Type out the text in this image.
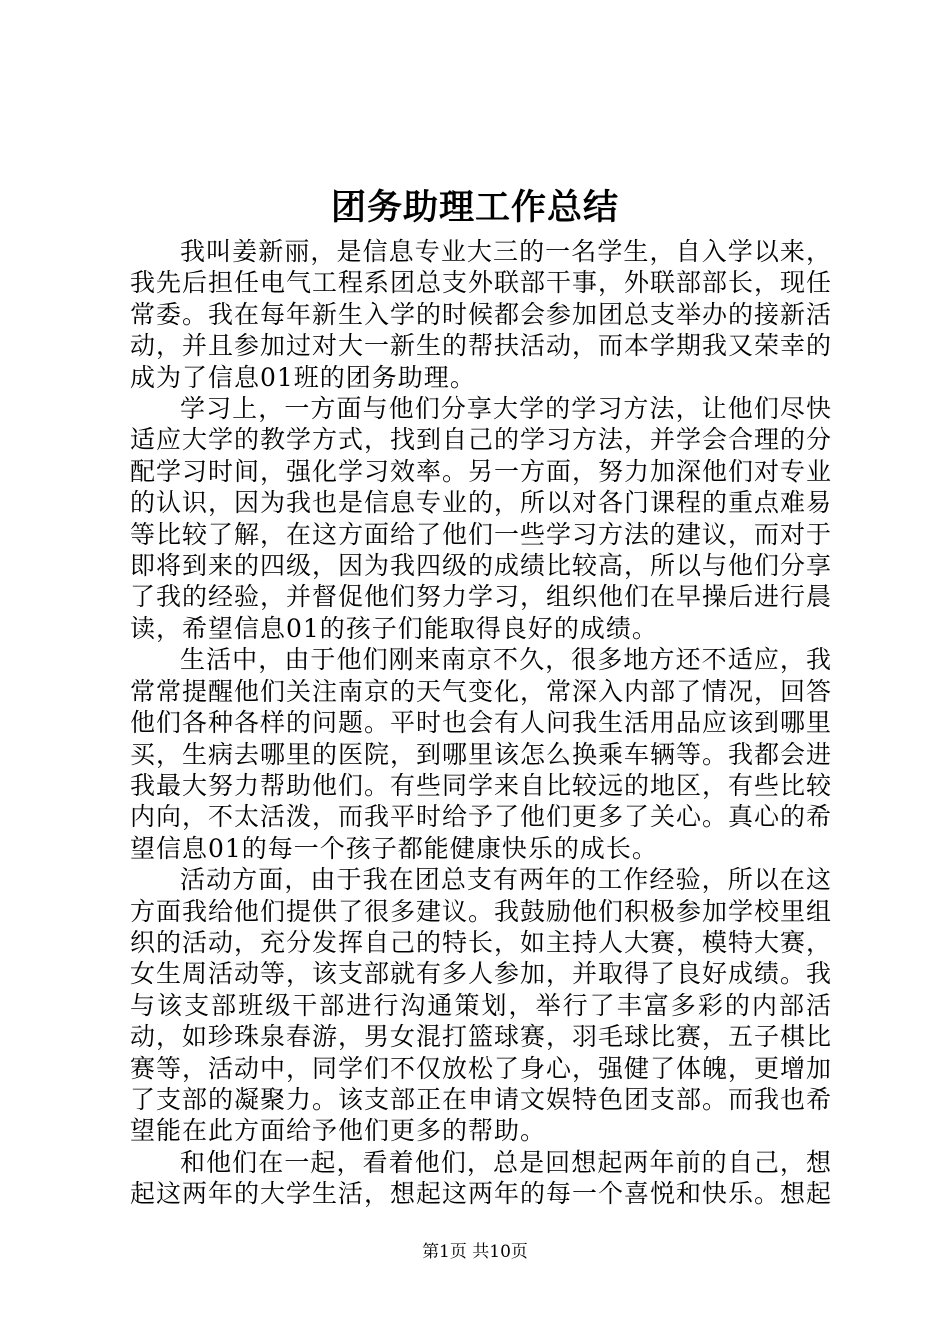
团务助理工作总结

我叫姜新丽，是信息专业大三的一名学生，自入学以来，我先后担任电气工程系团总支外联部干事，外联部部长，现任常委。我在每年新生入学的时候都会参加团总支举办的接新活动，并且参加过对大一新生的帮扶活动，而本学期我又荣幸的成为了信息01班的团务助理。

学习上，一方面与他们分享大学的学习方法，让他们尽快适应大学的教学方式，找到自己的学习方法，并学会合理的分配学习时间，强化学习效率。另一方面，努力加深他们对专业的认识，因为我也是信息专业的，所以对各门课程的重点难易等比较了解，在这方面给了他们一些学习方法的建议，而对于即将到来的四级，因为我四级的成绩比较高，所以与他们分享了我的经验，并督促他们努力学习，组织他们在早操后进行晨读，希望信息01的孩子们能取得良好的成绩。

生活中，由于他们刚来南京不久，很多地方还不适应，我常常提醒他们关注南京的天气变化，常深入内部了情况，回答他们各种各样的问题。平时也会有人问我生活用品应该到哪里买，生病去哪里的医院，到哪里该怎么换乘车辆等。我都会进我最大努力帮助他们。有些同学来自比较远的地区，有些比较内向，不太活泼，而我平时给予了他们更多了关心。真心的希望信息01的每一个孩子都能健康快乐的成长。

活动方面，由于我在团总支有两年的工作经验，所以在这方面我给他们提供了很多建议。我鼓励他们积极参加学校里组织的活动，充分发挥自己的特长，如主持人大赛，模特大赛，女生周活动等，该支部就有多人参加，并取得了良好成绩。我与该支部班级干部进行沟通策划，举行了丰富多彩的内部活动，如珍珠泉春游，男女混打篮球赛，羽毛球比赛，五子棋比赛等，活动中，同学们不仅放松了身心，强健了体魄，更增加了支部的凝聚力。该支部正在申请文娱特色团支部。而我也希望能在此方面给予他们更多的帮助。

和他们在一起，看着他们，总是回想起两年前的自己，想起这两年的大学生活，想起这两年的每一个喜悦和快乐。想起

第1页 共10页
